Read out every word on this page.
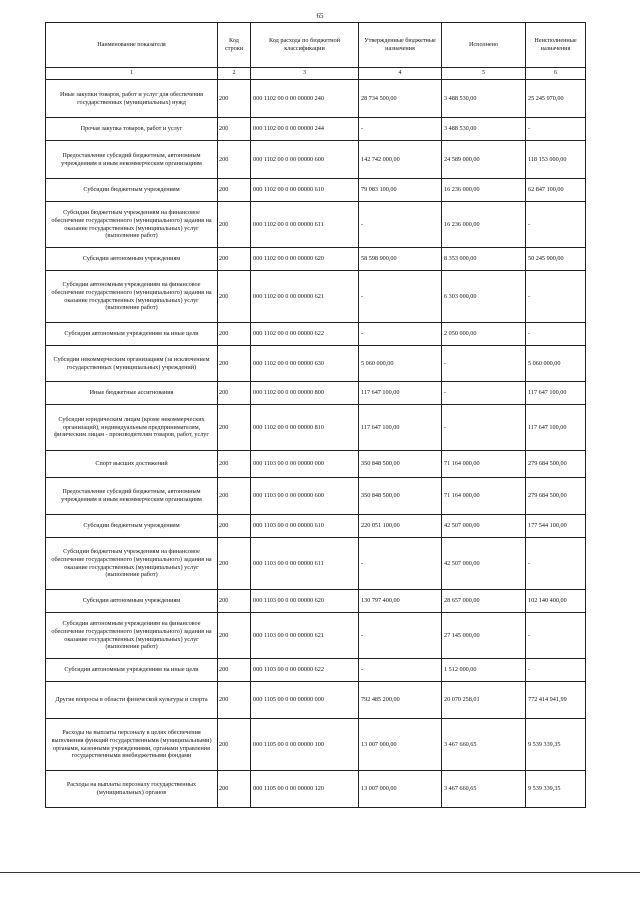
65
Наименование показателя	Код строки	Код расхода по бюджетной классификации	Утвержденные бюджетные назначения	Исполнено	Неисполненные назначения
1	2	3	4	5	6
Иные закупки товаров, работ и услуг для обеспечения государственных (муниципальных) нужд	200	000 1102 00 0 00 00000 240	28 734 500,00	3 488 530,00	25 245 970,00
Прочая закупка товаров, работ и услуг	200	000 1102 00 0 00 00000 244	-	3 488 530,00	-
Предоставление субсидий бюджетным, автономным учреждениям и иным некоммерческим организациям	200	000 1102 00 0 00 00000 600	142 742 000,00	24 589 000,00	118 153 000,00
Субсидии бюджетным учреждениям	200	000 1102 00 0 00 00000 610	79 083 100,00	16 236 000,00	62 847 100,00
Субсидии бюджетным учреждениям на финансовое обеспечение государственного (муниципального) задания на оказание государственных (муниципальных) услуг (выполнение работ)	200	000 1102 00 0 00 00000 611	-	16 236 000,00	-
Субсидии автономным учреждениям	200	000 1102 00 0 00 00000 620	58 598 900,00	8 353 000,00	50 245 900,00
Субсидии автономным учреждениям на финансовое обеспечение государственного (муниципального) задания на оказание государственных (муниципальных) услуг (выполнение работ)	200	000 1102 00 0 00 00000 621	-	6 303 000,00	-
Субсидии автономным учреждениям на иные цели	200	000 1102 00 0 00 00000 622	-	2 050 000,00	-
Субсидии некоммерческим организациям (за исключением государственных (муниципальных) учреждений)	200	000 1102 00 0 00 00000 630	5 060 000,00	-	5 060 000,00
Иные бюджетные ассигнования	200	000 1102 00 0 00 00000 800	117 647 100,00	-	117 647 100,00
Субсидии юридическим лицам (кроме некоммерческих организаций), индивидуальным предпринимателям, физическим лицам - производителям товаров, работ, услуг	200	000 1102 00 0 00 00000 810	117 647 100,00	-	117 647 100,00
Спорт высших достижений	200	000 1103 00 0 00 00000 000	350 848 500,00	71 164 000,00	279 684 500,00
Предоставление субсидий бюджетным, автономным учреждениям и иным некоммерческим организациям	200	000 1103 00 0 00 00000 600	350 848 500,00	71 164 000,00	279 684 500,00
Субсидии бюджетным учреждениям	200	000 1103 00 0 00 00000 610	220 051 100,00	42 507 000,00	177 544 100,00
Субсидии бюджетным учреждениям на финансовое обеспечение государственного (муниципального) задания на оказание государственных (муниципальных) услуг (выполнение работ)	200	000 1103 00 0 00 00000 611	-	42 507 000,00	-
Субсидии автономным учреждениям	200	000 1103 00 0 00 00000 620	130 797 400,00	28 657 000,00	102 140 400,00
Субсидии автономным учреждениям на финансовое обеспечение государственного (муниципального) задания на оказание государственных (муниципальных) услуг (выполнение работ)	200	000 1103 00 0 00 00000 621	-	27 145 000,00	-
Субсидии автономным учреждениям на иные цели	200	000 1103 00 0 00 00000 622	-	1 512 000,00	-
Другие вопросы в области физической культуры и спорта	200	000 1105 00 0 00 00000 000	792 485 200,00	20 070 258,01	772 414 941,99
Расходы на выплаты персоналу в целях обеспечения выполнения функций государственными (муниципальными) органами, казенными учреждениями, органами управления государственными внебюджетными фондами	200	000 1105 00 0 00 00000 100	13 007 000,00	3 467 660,65	9 539 339,35
Расходы на выплаты персоналу государственных (муниципальных) органов	200	000 1105 00 0 00 00000 120	13 007 000,00	3 467 660,65	9 539 339,35
